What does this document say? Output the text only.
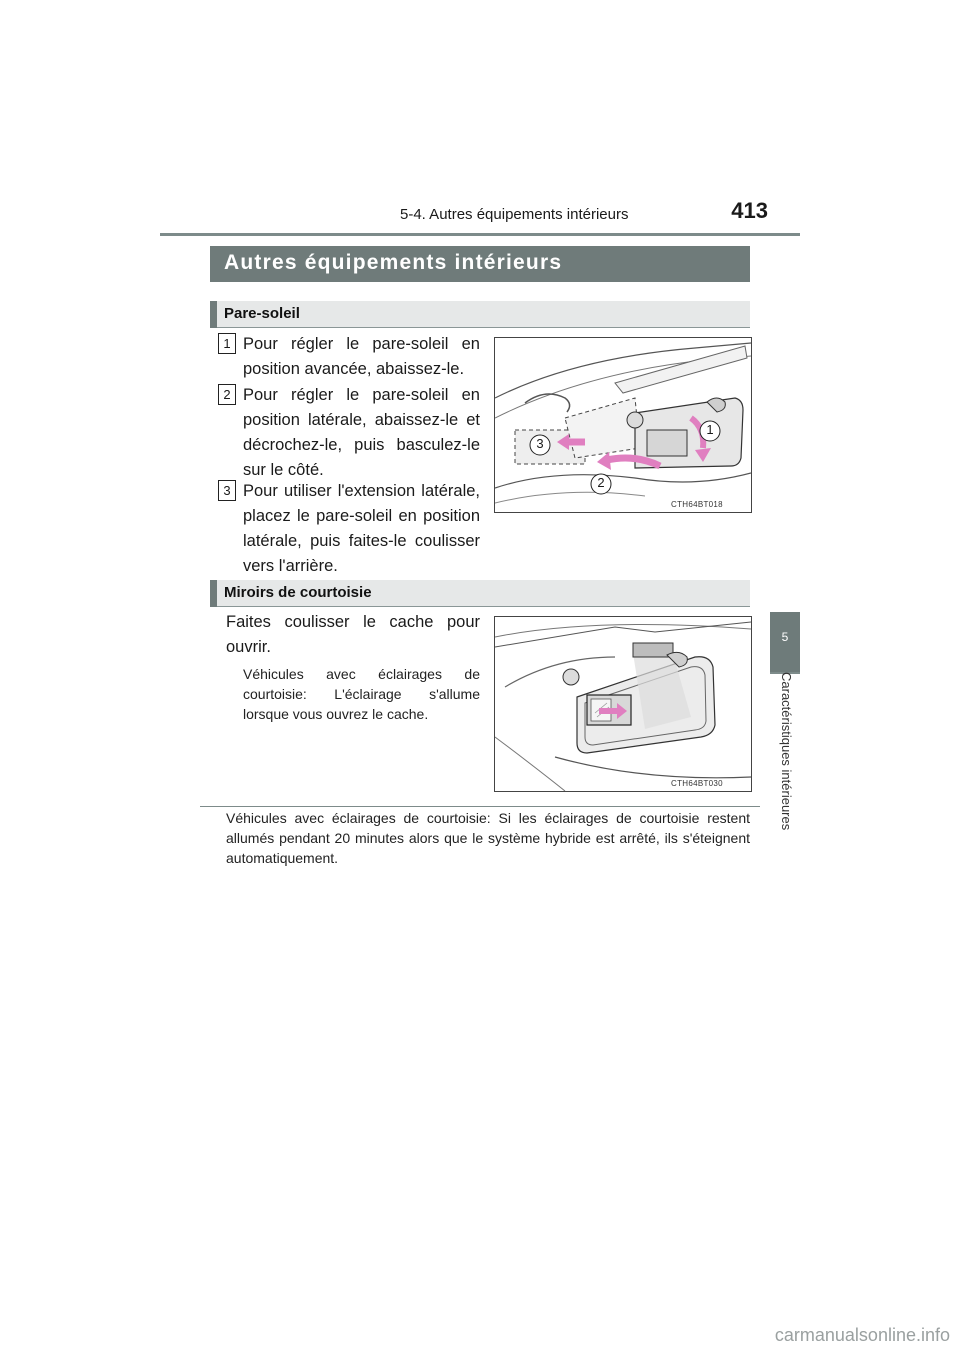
5-4. Autres équipements intérieurs	413
5
Caractéristiques intérieures
Autres équipements intérieurs
Pare-soleil
1 Pour régler le pare-soleil en position avancée, abaissez-le.
2 Pour régler le pare-soleil en position latérale, abaissez-le et décrochez-le, puis basculez-le sur le côté.
3 Pour utiliser l'extension latérale, placez le pare-soleil en position latérale, puis faites-le coulisser vers l'arrière.
1
2
3
CTH64BT018
Miroirs de courtoisie
Faites coulisser le cache pour ouvrir.
Véhicules avec éclairages de courtoisie: L'éclairage s'allume lorsque vous ouvrez le cache.
CTH64BT030
Véhicules avec éclairages de courtoisie: Si les éclairages de courtoisie restent allumés pendant 20 minutes alors que le système hybride est arrêté, ils s'éteignent automatiquement.
carmanualsonline.info
